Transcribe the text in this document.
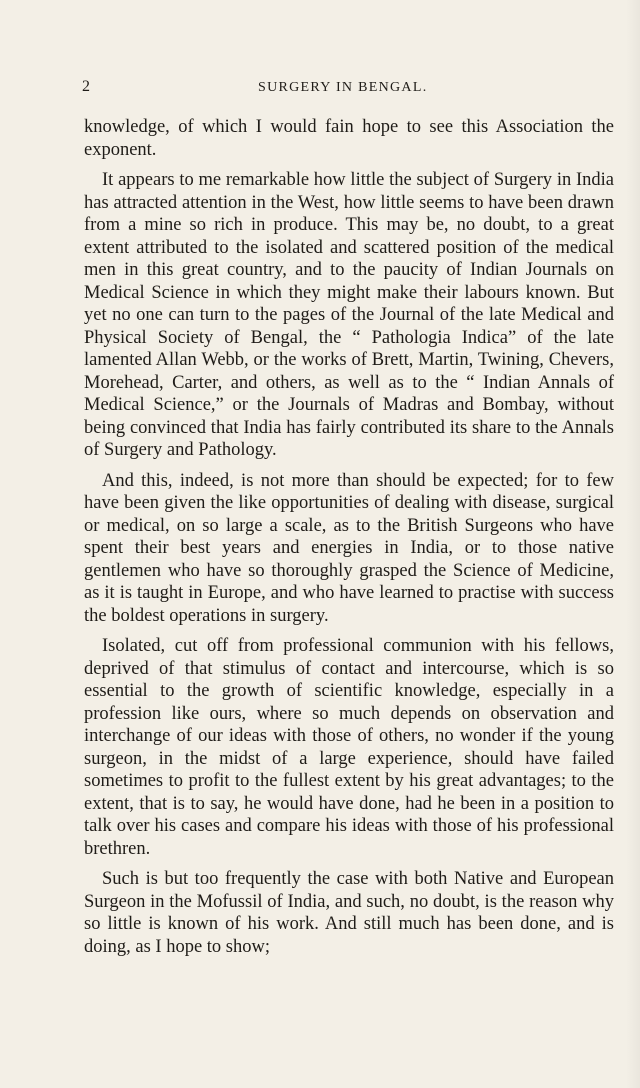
2	SURGERY IN BENGAL.

knowledge, of which I would fain hope to see this Association the exponent.

It appears to me remarkable how little the subject of Surgery in India has attracted attention in the West, how little seems to have been drawn from a mine so rich in produce. This may be, no doubt, to a great extent attributed to the isolated and scattered position of the medical men in this great country, and to the paucity of Indian Journals on Medical Science in which they might make their labours known. But yet no one can turn to the pages of the Journal of the late Medical and Physical Society of Bengal, the “ Pathologia Indica” of the late lamented Allan Webb, or the works of Brett, Martin, Twining, Chevers, Morehead, Carter, and others, as well as to the “ Indian Annals of Medical Science,” or the Journals of Madras and Bombay, without being convinced that India has fairly contributed its share to the Annals of Surgery and Pathology.

And this, indeed, is not more than should be expected; for to few have been given the like opportunities of dealing with disease, surgical or medical, on so large a scale, as to the British Surgeons who have spent their best years and energies in India, or to those native gentlemen who have so thoroughly grasped the Science of Medicine, as it is taught in Europe, and who have learned to practise with success the boldest operations in surgery.

Isolated, cut off from professional communion with his fellows, deprived of that stimulus of contact and intercourse, which is so essential to the growth of scientific knowledge, especially in a profession like ours, where so much depends on observation and interchange of our ideas with those of others, no wonder if the young surgeon, in the midst of a large experience, should have failed sometimes to profit to the fullest extent by his great advantages; to the extent, that is to say, he would have done, had he been in a position to talk over his cases and compare his ideas with those of his professional brethren.

Such is but too frequently the case with both Native and European Surgeon in the Mofussil of India, and such, no doubt, is the reason why so little is known of his work. And still much has been done, and is doing, as I hope to show;
